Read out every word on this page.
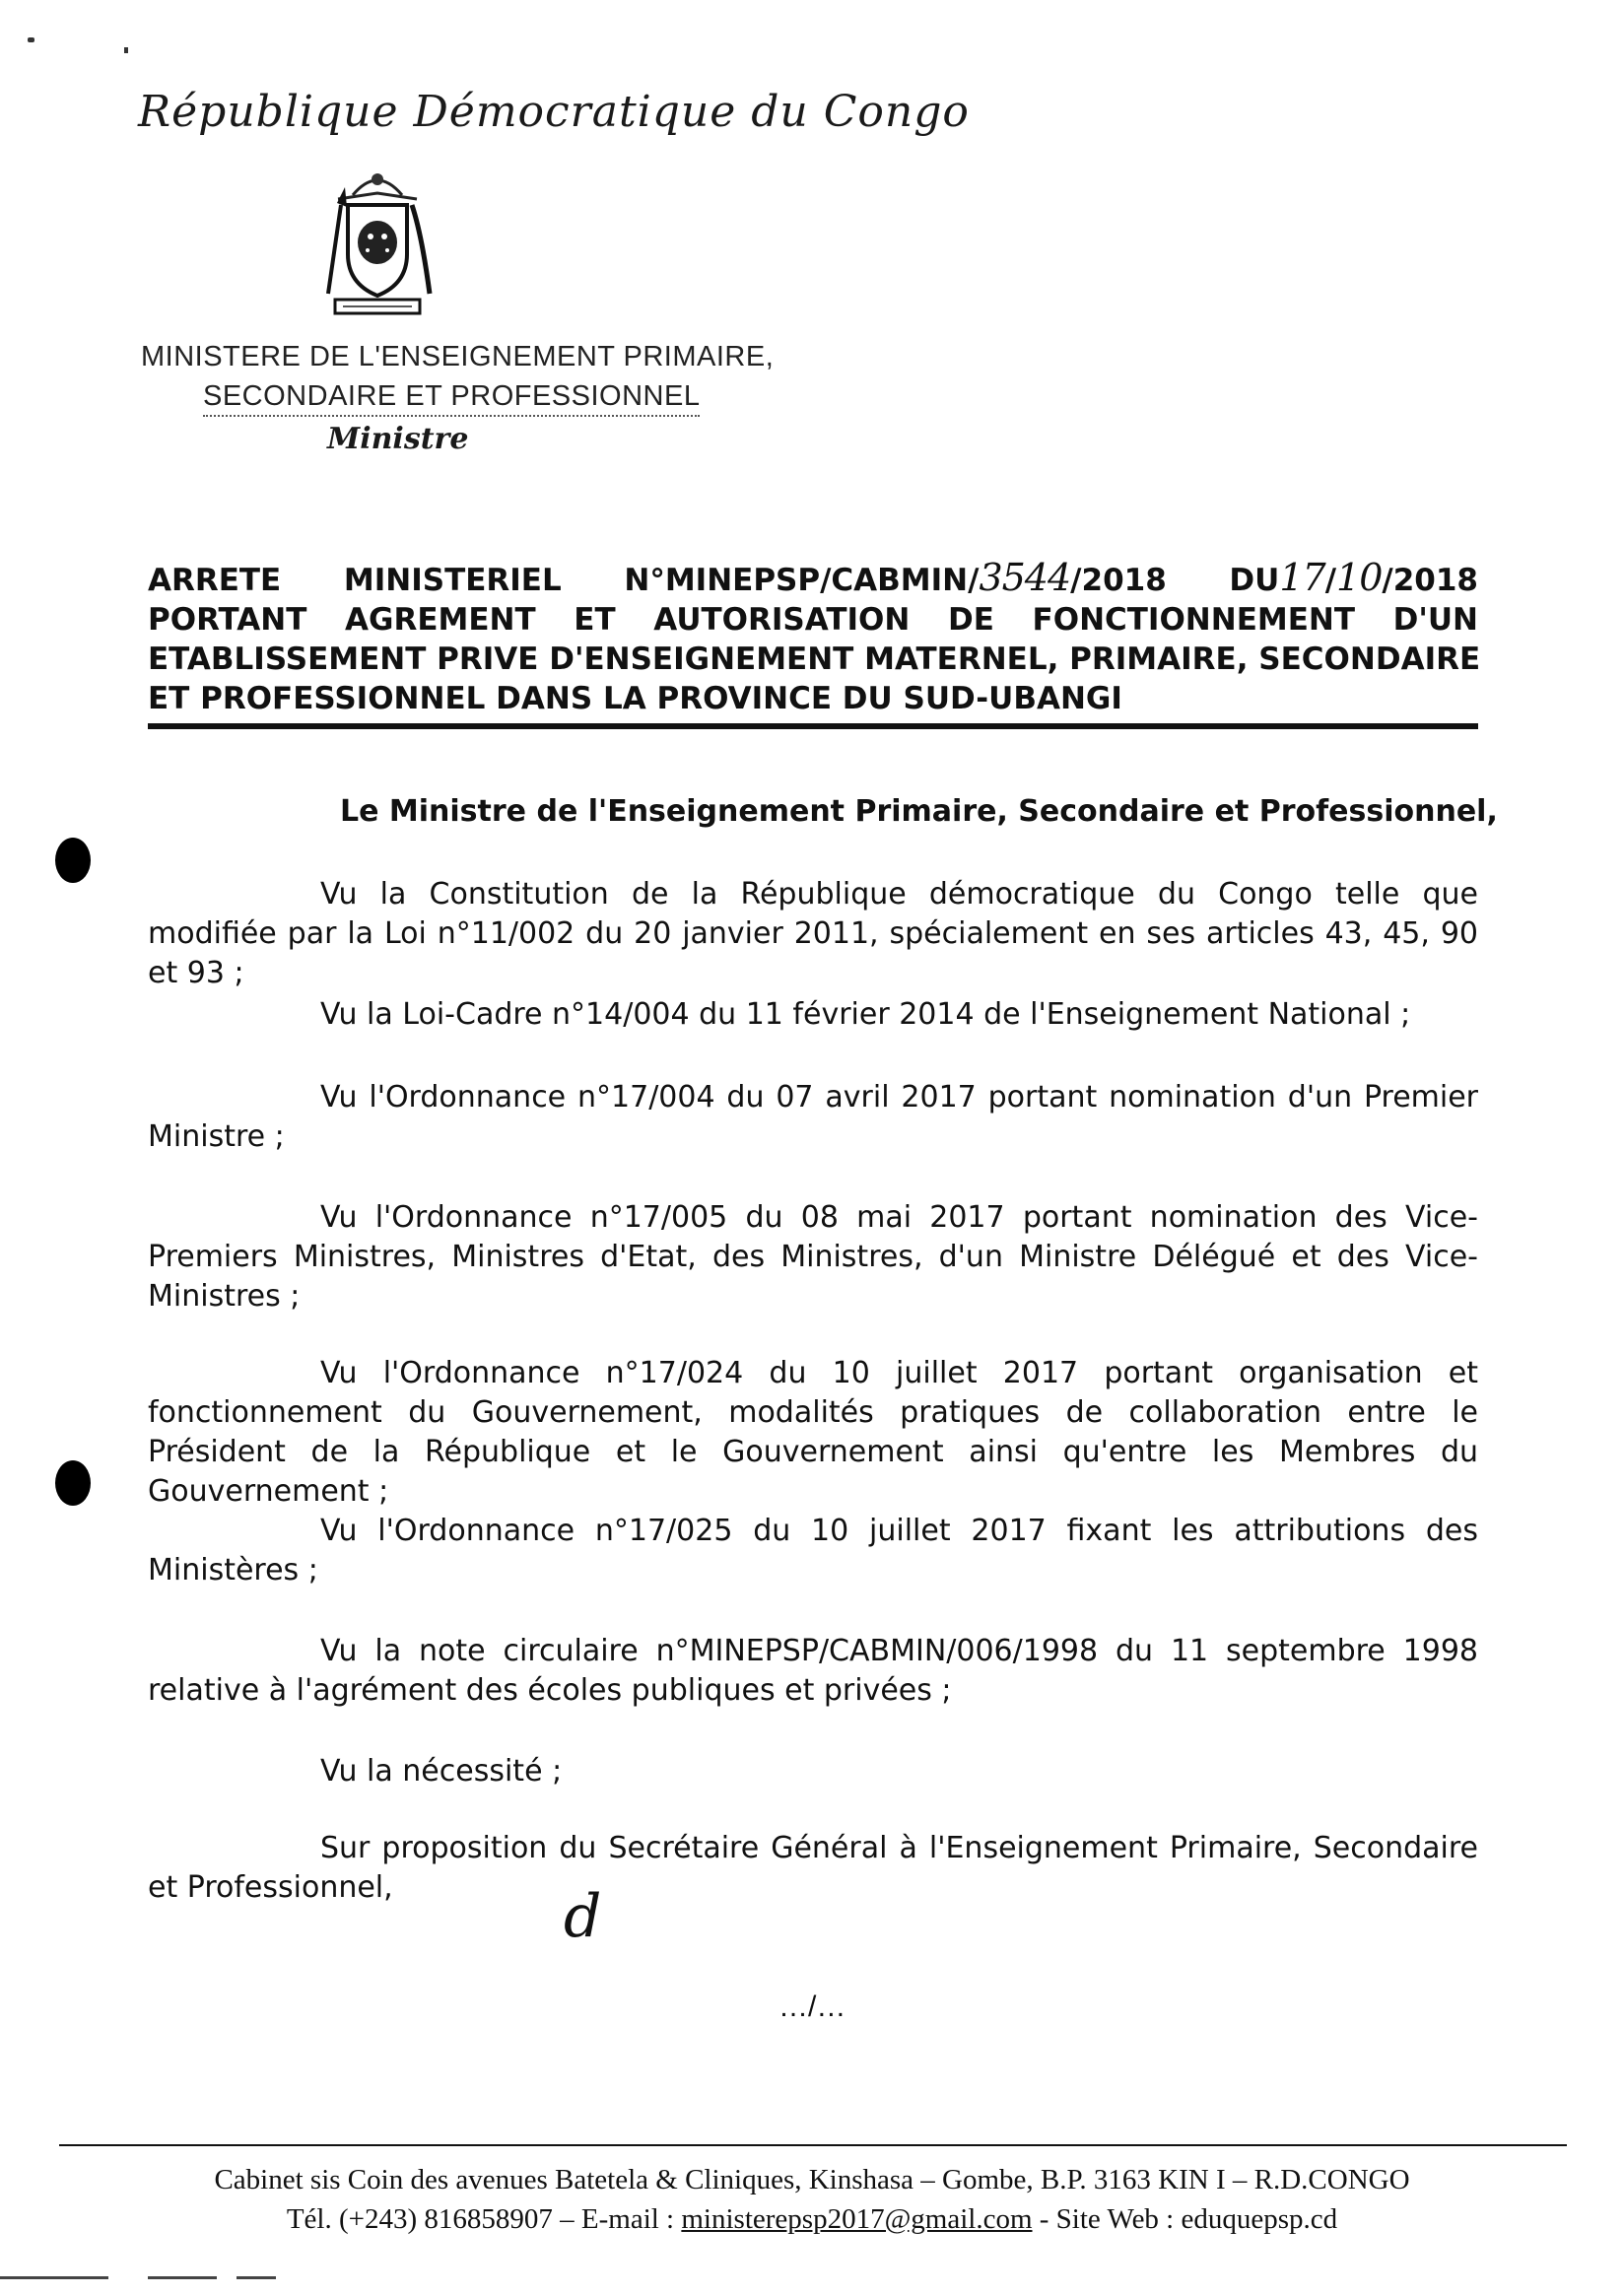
République Démocratique du Congo
MINISTERE DE L'ENSEIGNEMENT PRIMAIRE,
SECONDAIRE ET PROFESSIONNEL
Ministre
ARRETE MINISTERIEL N°MINEPSP/CABMIN/3544/2018 DU17/10/2018
PORTANT AGREMENT ET AUTORISATION DE FONCTIONNEMENT D'UN
ETABLISSEMENT PRIVE D'ENSEIGNEMENT MATERNEL, PRIMAIRE, SECONDAIRE
ET PROFESSIONNEL DANS LA PROVINCE DU SUD-UBANGI
Le Ministre de l'Enseignement Primaire, Secondaire et Professionnel,
Vu la Constitution de la République démocratique du Congo telle que modifiée par la Loi n°11/002 du 20 janvier 2011, spécialement en ses articles 43, 45, 90 et 93 ;
Vu la Loi-Cadre n°14/004 du 11 février 2014 de l'Enseignement National ;
Vu l'Ordonnance n°17/004 du 07 avril 2017 portant nomination d'un Premier Ministre ;
Vu l'Ordonnance n°17/005 du 08 mai 2017 portant nomination des Vice-Premiers Ministres, Ministres d'Etat, des Ministres, d'un Ministre Délégué et des Vice-Ministres ;
Vu l'Ordonnance n°17/024 du 10 juillet 2017 portant organisation et fonctionnement du Gouvernement, modalités pratiques de collaboration entre le Président de la République et le Gouvernement ainsi qu'entre les Membres du Gouvernement ;
Vu l'Ordonnance n°17/025 du 10 juillet 2017 fixant les attributions des Ministères ;
Vu la note circulaire n°MINEPSP/CABMIN/006/1998 du 11 septembre 1998 relative à l'agrément des écoles publiques et privées ;
Vu la nécessité ;
Sur proposition du Secrétaire Général à l'Enseignement Primaire, Secondaire et Professionnel,	d
…/…
Cabinet sis Coin des avenues Batetela & Cliniques, Kinshasa – Gombe, B.P. 3163 KIN I – R.D.CONGO
Tél. (+243) 816858907 – E-mail : ministerepsp2017@gmail.com - Site Web : eduquepsp.cd
